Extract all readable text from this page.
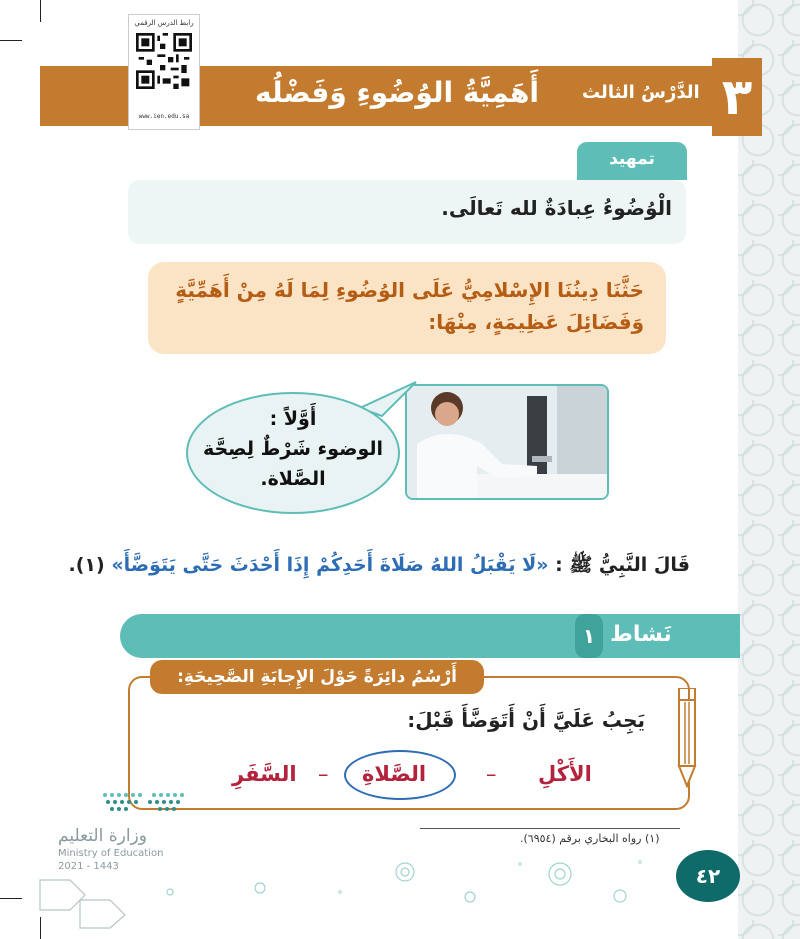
٣
الدَّرْسُ الثالث
أَهَمِيَّةُ الوُضُوءِ وَفَضْلُه
رابط الدرس الرقمي
www.ien.edu.sa
تمهيد
الْوُضُوءُ عِبادَةٌ لله تَعالَى.
حَثَّنَا دِينُنَا الإِسْلامِيُّ عَلَى الوُضُوءِ لِمَا لَهُ مِنْ أَهَمِّيَّةٍ وَفَضَائِلَ عَظِيمَةٍ، مِنْهَا:
أَوَّلاً :
الوضوء شَرْطٌ لِصِحَّة
الصَّلاة.
قَالَ النَّبِيُّ ﷺ : «لَا يَقْبَلُ اللهُ صَلَاةَ أَحَدِكُمْ إِذَا أَحْدَثَ حَتَّى يَتَوَضَّأَ» (١).
نَشاط
١
أَرْسُمُ دائِرَةً حَوْلَ الإِجابَةِ الصَّحِيحَةِ:
يَجِبُ عَلَيَّ أَنْ أَتَوَضَّأَ قَبْلَ:
الأَكْلِ
–
الصَّلاةِ
–
السَّفَرِ
(١) رواه البخاري برقم (٦٩٥٤).
٤٢
وزارة التعليم
Ministry of Education
2021 - 1443
